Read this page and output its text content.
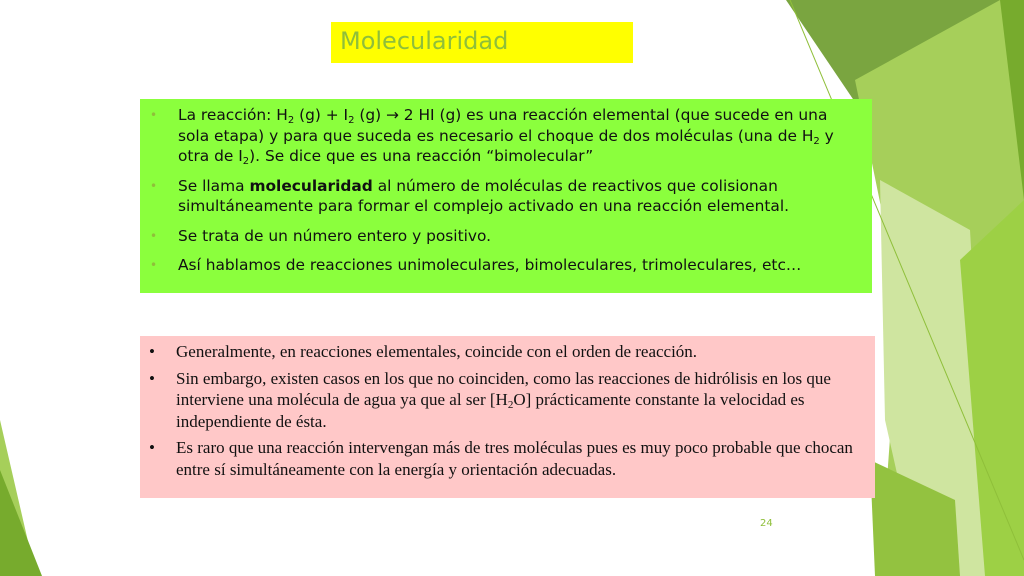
Molecularidad
• La reacción: $H_2$ $(g) + I_2$ (g) → 2 HI (g) es una reacción elemental (que sucede en una sola etapa) y para que suceda es necesario el choque de dos moléculas (una de $H_2$ y otra de $I_2$). Se dice que es una reacción “bimolecular”
• Se llama molecularidad al número de moléculas de reactivos que colisionan simultáneamente para formar el complejo activado en una reacción elemental.
• Se trata de un número entero y positivo.
• Así hablamos de reacciones unimoleculares, bimoleculares, trimoleculares, etc…
• Generalmente, en reacciones elementales, coincide con el orden de reacción.
• Sin embargo, existen casos en los que no coinciden, como las reacciones de hidrólisis en los que interviene una molécula de agua ya que al ser $[H_2O]$ prácticamente constante la velocidad es independiente de ésta.
• Es raro que una reacción intervengan más de tres moléculas pues es muy poco probable que chocan entre sí simultáneamente con la energía y orientación adecuadas.
24
